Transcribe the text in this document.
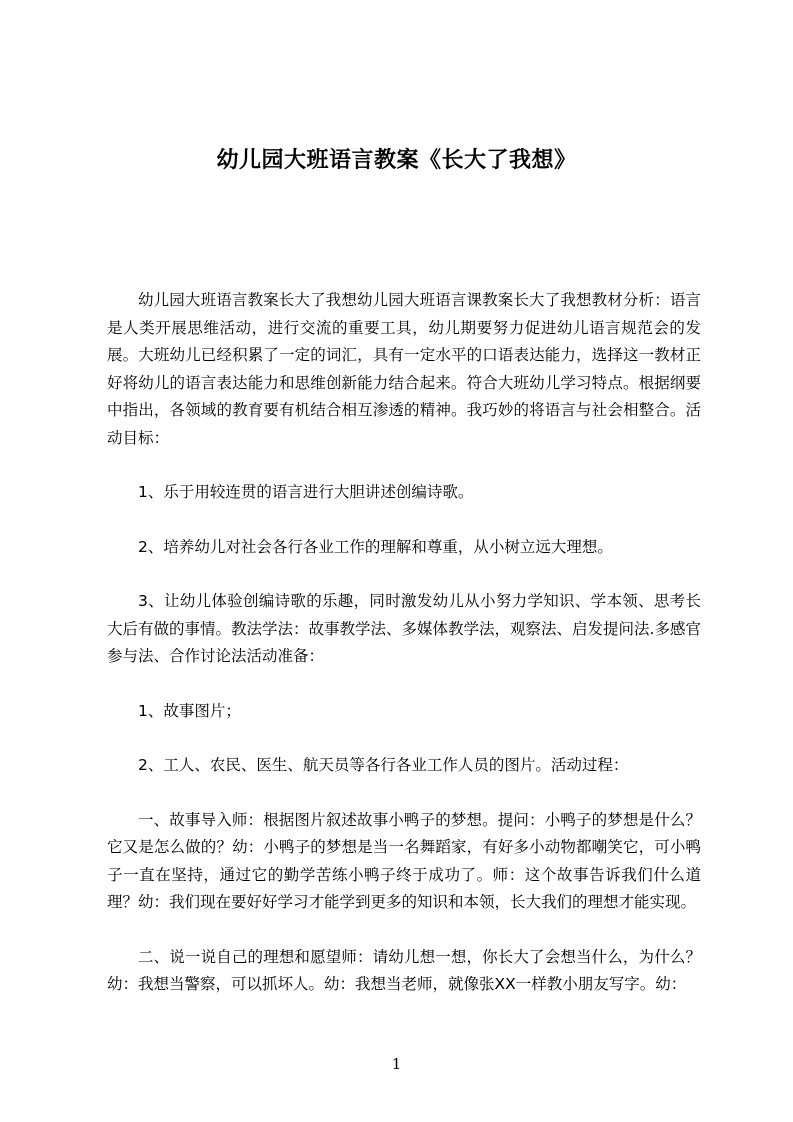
幼儿园大班语言教案《长大了我想》

幼儿园大班语言教案长大了我想幼儿园大班语言课教案长大了我想教材分析：语言是人类开展思维活动，进行交流的重要工具，幼儿期要努力促进幼儿语言规范会的发展。大班幼儿已经积累了一定的词汇，具有一定水平的口语表达能力，选择这一教材正好将幼儿的语言表达能力和思维创新能力结合起来。符合大班幼儿学习特点。根据纲要中指出，各领域的教育要有机结合相互渗透的精神。我巧妙的将语言与社会相整合。活动目标：

1、乐于用较连贯的语言进行大胆讲述创编诗歌。

2、培养幼儿对社会各行各业工作的理解和尊重，从小树立远大理想。

3、让幼儿体验创编诗歌的乐趣，同时激发幼儿从小努力学知识、学本领、思考长大后有做的事情。教法学法：故事教学法、多媒体教学法，观察法、启发提问法.多感官参与法、合作讨论法活动准备：

1、故事图片；

2、工人、农民、医生、航天员等各行各业工作人员的图片。活动过程：

一、故事导入师：根据图片叙述故事小鸭子的梦想。提问：小鸭子的梦想是什么？它又是怎么做的？幼：小鸭子的梦想是当一名舞蹈家，有好多小动物都嘲笑它，可小鸭子一直在坚持，通过它的勤学苦练小鸭子终于成功了。师：这个故事告诉我们什么道理？幼：我们现在要好好学习才能学到更多的知识和本领，长大我们的理想才能实现。

二、说一说自己的理想和愿望师：请幼儿想一想，你长大了会想当什么，为什么？幼：我想当警察，可以抓坏人。幼：我想当老师，就像张XX一样教小朋友写字。幼：

1
